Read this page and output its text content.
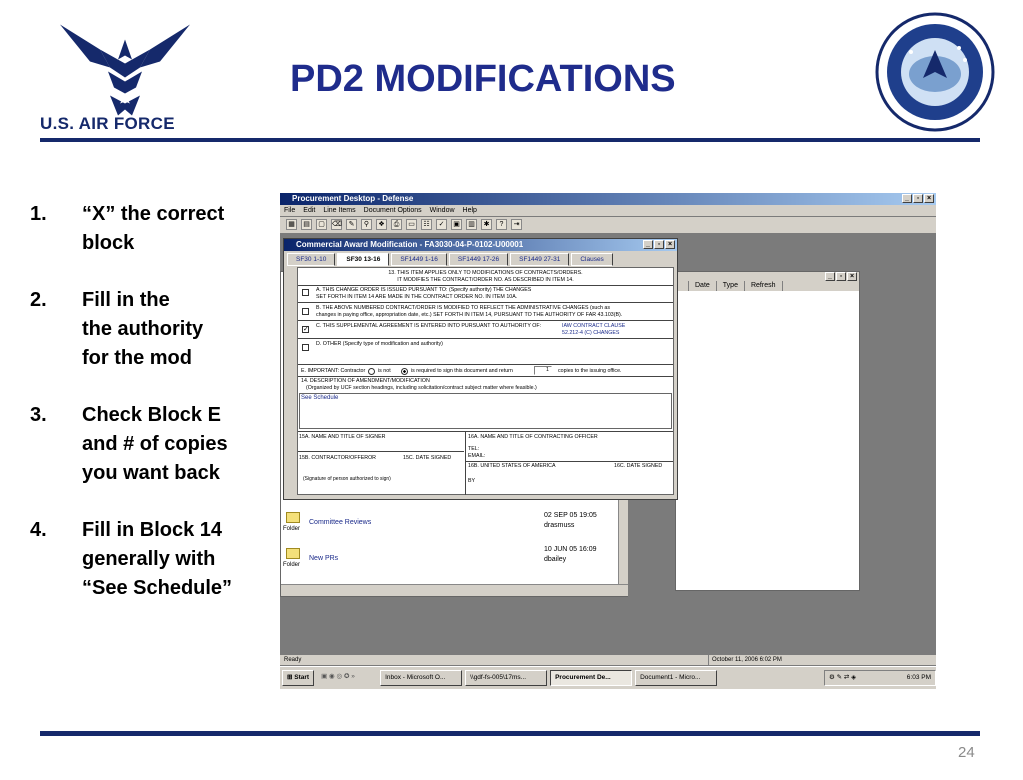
U.S. AIR FORCE
PD2 MODIFICATIONS
1.	“X” the correct
block
2.	Fill in the
the authority
for the mod
3.	Check Block E
and # of copies
you want back
4.	Fill in Block 14
generally with
“See Schedule”
Procurement Desktop - Defense	_	▫	×
File Edit Line Items Document Options Window Help
▦	▤	▢	⌫ ✎	⚲	❖	⎙	▭	☷	✓	▣	▥	✱	?	⇥
_	▫	×
Date	Type	Refresh
Committee Reviews
Folder
02 SEP 05 19:05
drasmuss
New PRs
Folder
10 JUN 05 16:09
dbailey
Commercial Award Modification - FA3030-04-P-0102-U00001	_	▫	×
SF30 1-10	SF30 13-16	SF1449 1-16	SF1449 17-26	SF1449 27-31	Clauses
13. THIS ITEM APPLIES ONLY TO MODIFICATIONS OF CONTRACTS/ORDERS.
IT MODIFIES THE CONTRACT/ORDER NO. AS DESCRIBED IN ITEM 14.
A. THIS CHANGE ORDER IS ISSUED PURSUANT TO: (Specify authority) THE CHANGES
SET FORTH IN ITEM 14 ARE MADE IN THE CONTRACT ORDER NO. IN ITEM 10A.
B. THE ABOVE NUMBERED CONTRACT/ORDER IS MODIFIED TO REFLECT THE ADMINISTRATIVE CHANGES (such as
changes in paying office, appropriation date, etc.) SET FORTH IN ITEM 14, PURSUANT TO THE AUTHORITY OF FAR 43.103(B).
✓ C. THIS SUPPLEMENTAL AGREEMENT IS ENTERED INTO PURSUANT TO AUTHORITY OF:	IAW CONTRACT CLAUSE
52.212-4 (C) CHANGES
D. OTHER (Specify type of modification and authority)
E. IMPORTANT: Contractor is not	is required to sign this document and return	1	copies to the issuing office.
14. DESCRIPTION OF AMENDMENT/MODIFICATION
(Organized by UCF section headings, including solicitation/contract subject matter where feasible.)
See Schedule
15A. NAME AND TITLE OF SIGNER	16A. NAME AND TITLE OF CONTRACTING OFFICER
TEL:
EMAIL:
15B. CONTRACTOR/OFFEROR	15C. DATE SIGNED
16B. UNITED STATES OF AMERICA	16C. DATE SIGNED
(Signature of person authorized to sign)	BY
Ready	October 11, 2006 6:02 PM
⊞ Start	▣ ◉ ◎ ✪ »	Inbox - Microsoft O...	\\gdf-fs-005\17ms...	Procurement De...	Document1 - Micro...	⚙ ✎ ⇄ ◈	6:03 PM
24
